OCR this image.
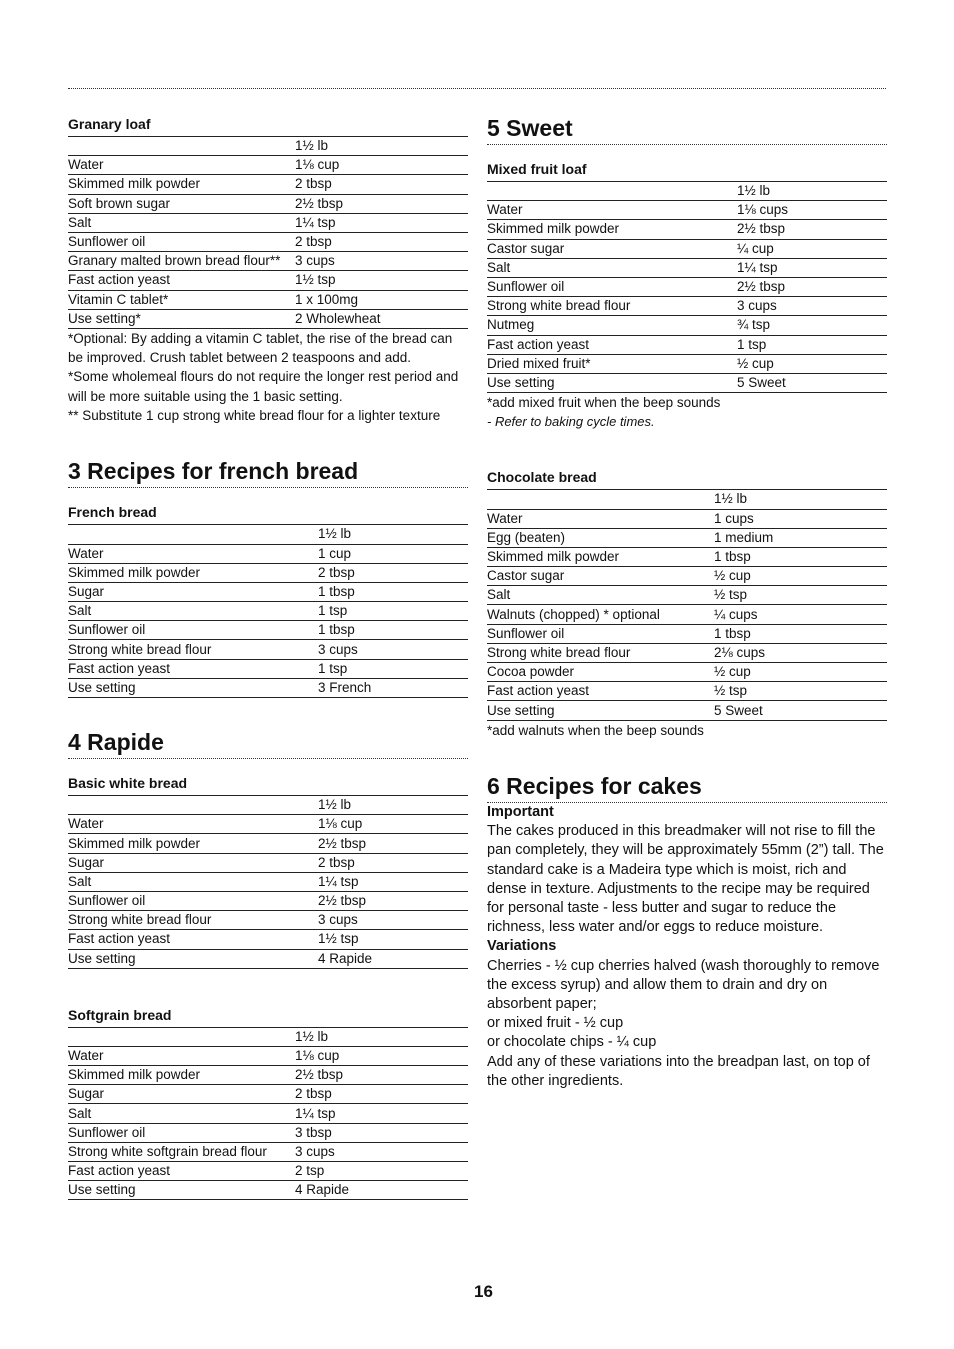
Granary loaf

	1½ lb
Water	1⅛ cup
Skimmed milk powder	2 tbsp
Soft brown sugar	2½ tbsp
Salt	1¼ tsp
Sunflower oil	2 tbsp
Granary malted brown bread flour**	3 cups
Fast action yeast	1½ tsp
Vitamin C tablet*	1 x 100mg
Use setting*	2 Wholewheat

*Optional: By adding a vitamin C tablet, the rise of the bread can be improved. Crush tablet between 2 teaspoons and add.

*Some wholemeal flours do not require the longer rest period and will be more suitable using the 1 basic setting.

** Substitute 1 cup strong white bread flour for a lighter texture

3 Recipes for french bread

French bread

	1½ lb
Water	1 cup
Skimmed milk powder	2 tbsp
Sugar	1 tbsp
Salt	1 tsp
Sunflower oil	1 tbsp
Strong white bread flour	3 cups
Fast action yeast	1 tsp
Use setting	3 French
4 Rapide

Basic white bread

	1½ lb
Water	1⅛ cup
Skimmed milk powder	2½ tbsp
Sugar	2 tbsp
Salt	1¼ tsp
Sunflower oil	2½ tbsp
Strong white bread flour	3 cups
Fast action yeast	1½ tsp
Use setting	4 Rapide

Softgrain bread

	1½ lb
Water	1⅛ cup
Skimmed milk powder	2½ tbsp
Sugar	2 tbsp
Salt	1¼ tsp
Sunflower oil	3 tbsp
Strong white softgrain bread flour	3 cups
Fast action yeast	2 tsp
Use setting	4 Rapide
5 Sweet

Mixed fruit loaf

	1½ lb
Water	1⅛ cups
Skimmed milk powder	2½ tbsp
Castor sugar	¼ cup
Salt	1¼ tsp
Sunflower oil	2½ tbsp
Strong white bread flour	3 cups
Nutmeg	¾ tsp
Fast action yeast	1 tsp
Dried mixed fruit*	½ cup
Use setting	5 Sweet

*add mixed fruit when the beep sounds

- Refer to baking cycle times.

Chocolate bread

	1½ lb
Water	1 cups
Egg (beaten)	1 medium
Skimmed milk powder	1 tbsp
Castor sugar	½ cup
Salt	½ tsp
Walnuts (chopped) * optional	¼ cups
Sunflower oil	1 tbsp
Strong white bread flour	2⅛ cups
Cocoa powder	½ cup
Fast action yeast	½ tsp
Use setting	5 Sweet

*add walnuts when the beep sounds

6 Recipes for cakes

Important

The cakes produced in this breadmaker will not rise to fill the pan completely, they will be approximately 55mm (2”) tall. The standard cake is a Madeira type which is moist, rich and dense in texture. Adjustments to the recipe may be required for personal taste - less butter and sugar to reduce the richness, less water and/or eggs to reduce moisture.

Variations

Cherries - ½ cup cherries halved (wash thoroughly to remove the excess syrup) and allow them to drain and dry on absorbent paper;

or mixed fruit - ½ cup

or chocolate chips - ¼ cup

Add any of these variations into the breadpan last, on top of the other ingredients.

16
